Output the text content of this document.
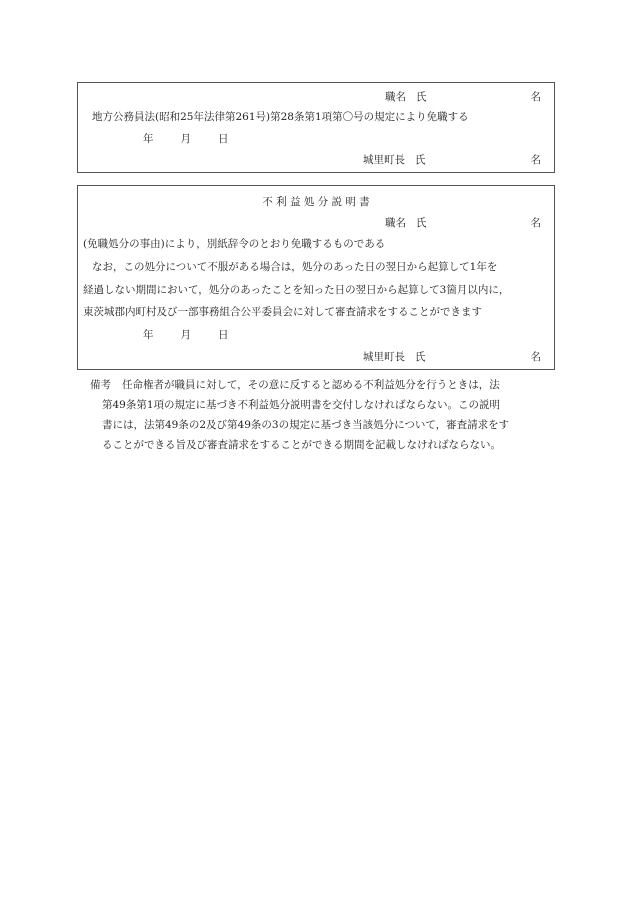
職名 氏	名
地方公務員法(昭和25年法律第261号)第28条第1項第〇号の規定により免職する
年	月	日
城里町長 氏	名
不 利 益 処 分 説 明 書
職名 氏	名
(免職処分の事由)により，別紙辞令のとおり免職するものである
なお，この処分について不服がある場合は，処分のあった日の翌日から起算して1年を
経過しない期間において，処分のあったことを知った日の翌日から起算して3箇月以内に，
東茨城郡内町村及び一部事務組合公平委員会に対して審査請求をすることができます
年	月	日
城里町長 氏	名
備考 任命権者が職員に対して，その意に反すると認める不利益処分を行うときは，法
第49条第1項の規定に基づき不利益処分説明書を交付しなければならない。この説明
書には，法第49条の2及び第49条の3の規定に基づき当該処分について，審査請求をす
ることができる旨及び審査請求をすることができる期間を記載しなければならない。
